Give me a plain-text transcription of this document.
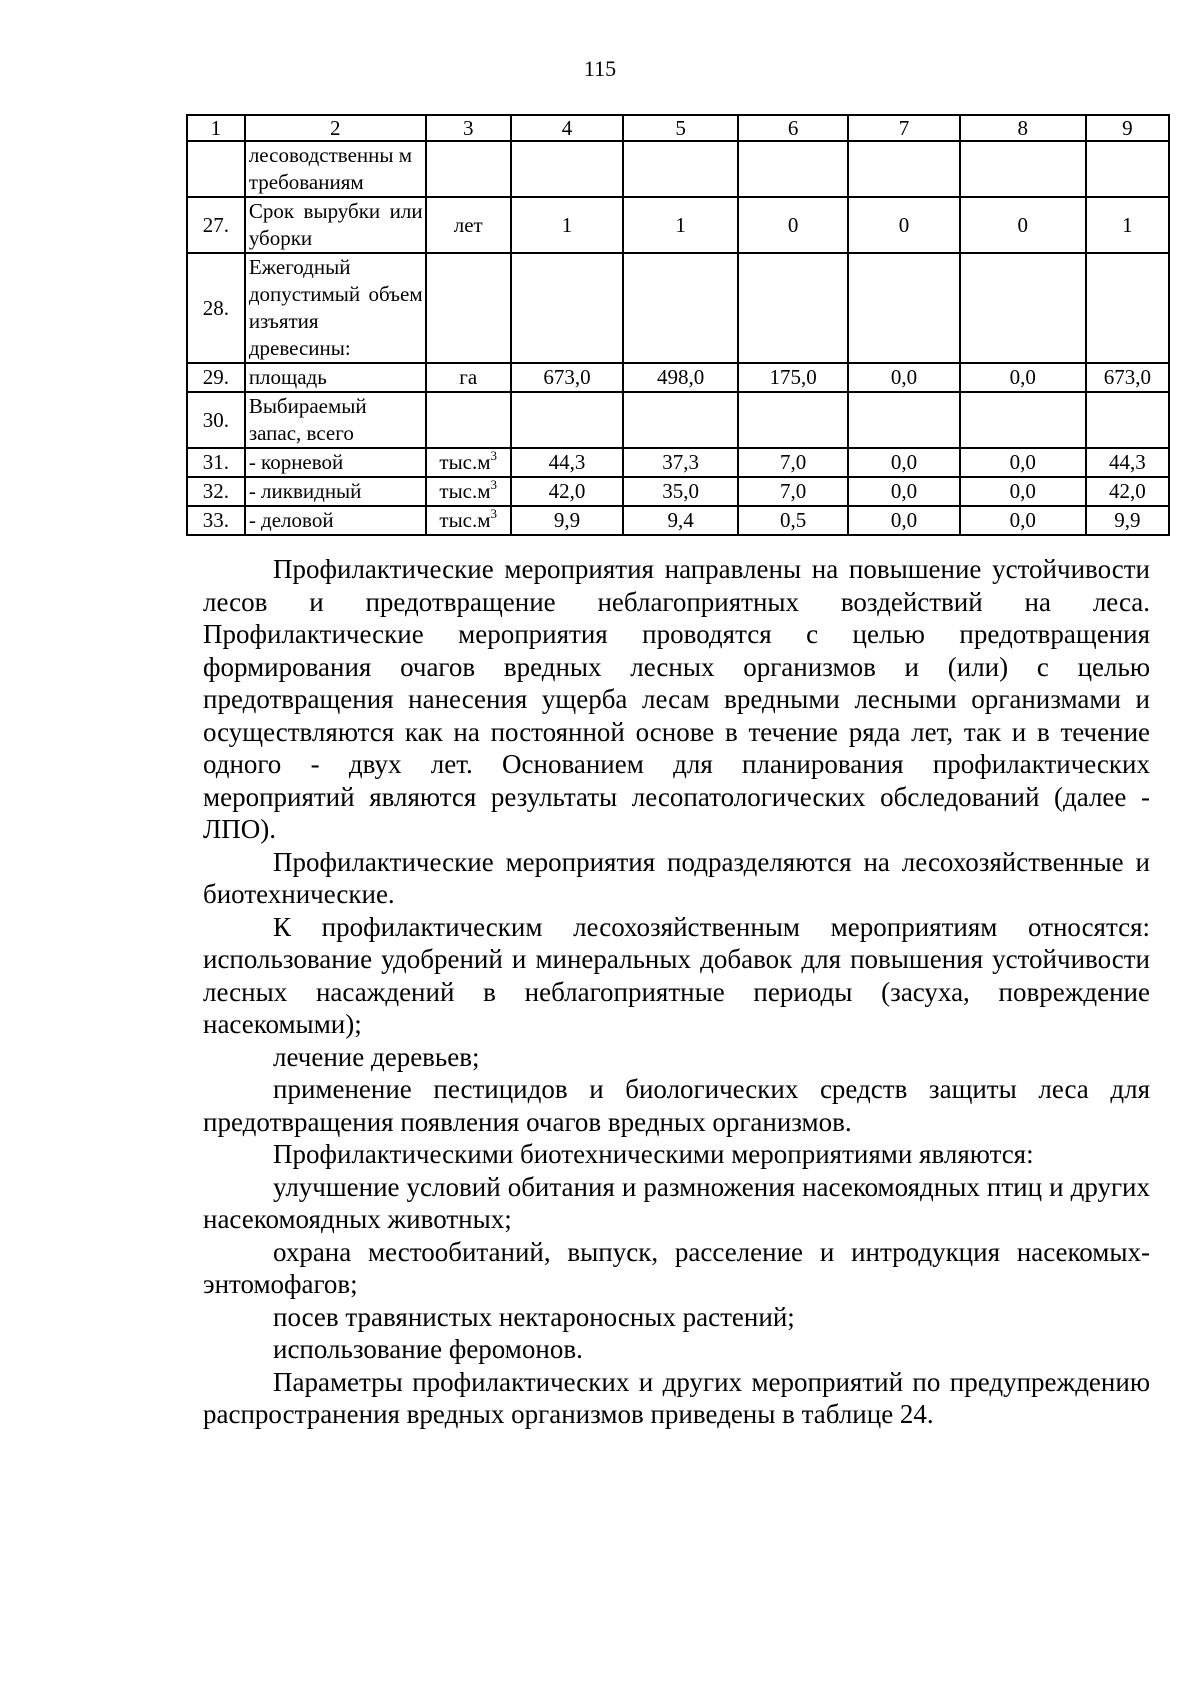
115
1	2	3	4	5	6	7	8	9
	лесоводственны м требованиям							
27.	Срок вырубки или уборки	лет	1	1	0	0	0	1
28.	Ежегодный допустимый объем изъятия древесины:							
29.	площадь	га	673,0	498,0	175,0	0,0	0,0	673,0
30.	Выбираемый запас, всего							
31.	- корневой	$тыс.м^3$	44,3	37,3	7,0	0,0	0,0	44,3
32.	- ликвидный	$тыс.м^3$	42,0	35,0	7,0	0,0	0,0	42,0
33.	- деловой	$тыс.м^3$	9,9	9,4	0,5	0,0	0,0	9,9

Профилактические мероприятия направлены на повышение устойчивости лесов и предотвращение неблагоприятных воздействий на леса. Профилактические мероприятия проводятся с целью предотвращения формирования очагов вредных лесных организмов и (или) с целью предотвращения нанесения ущерба лесам вредными лесными организмами и осуществляются как на постоянной основе в течение ряда лет, так и в течение одного - двух лет. Основанием для планирования профилактических мероприятий являются результаты лесопатологических обследований (далее - ЛПО).

Профилактические мероприятия подразделяются на лесохозяйственные и биотехнические.

К профилактическим лесохозяйственным мероприятиям относятся: использование удобрений и минеральных добавок для повышения устойчивости лесных насаждений в неблагоприятные периоды (засуха, повреждение насекомыми);

лечение деревьев;

применение пестицидов и биологических средств защиты леса для предотвращения появления очагов вредных организмов.

Профилактическими биотехническими мероприятиями являются:

улучшение условий обитания и размножения насекомоядных птиц и других насекомоядных животных;

охрана местообитаний, выпуск, расселение и интродукция насекомых-энтомофагов;

посев травянистых нектароносных растений;

использование феромонов.

Параметры профилактических и других мероприятий по предупреждению распространения вредных организмов приведены в таблице 24.
